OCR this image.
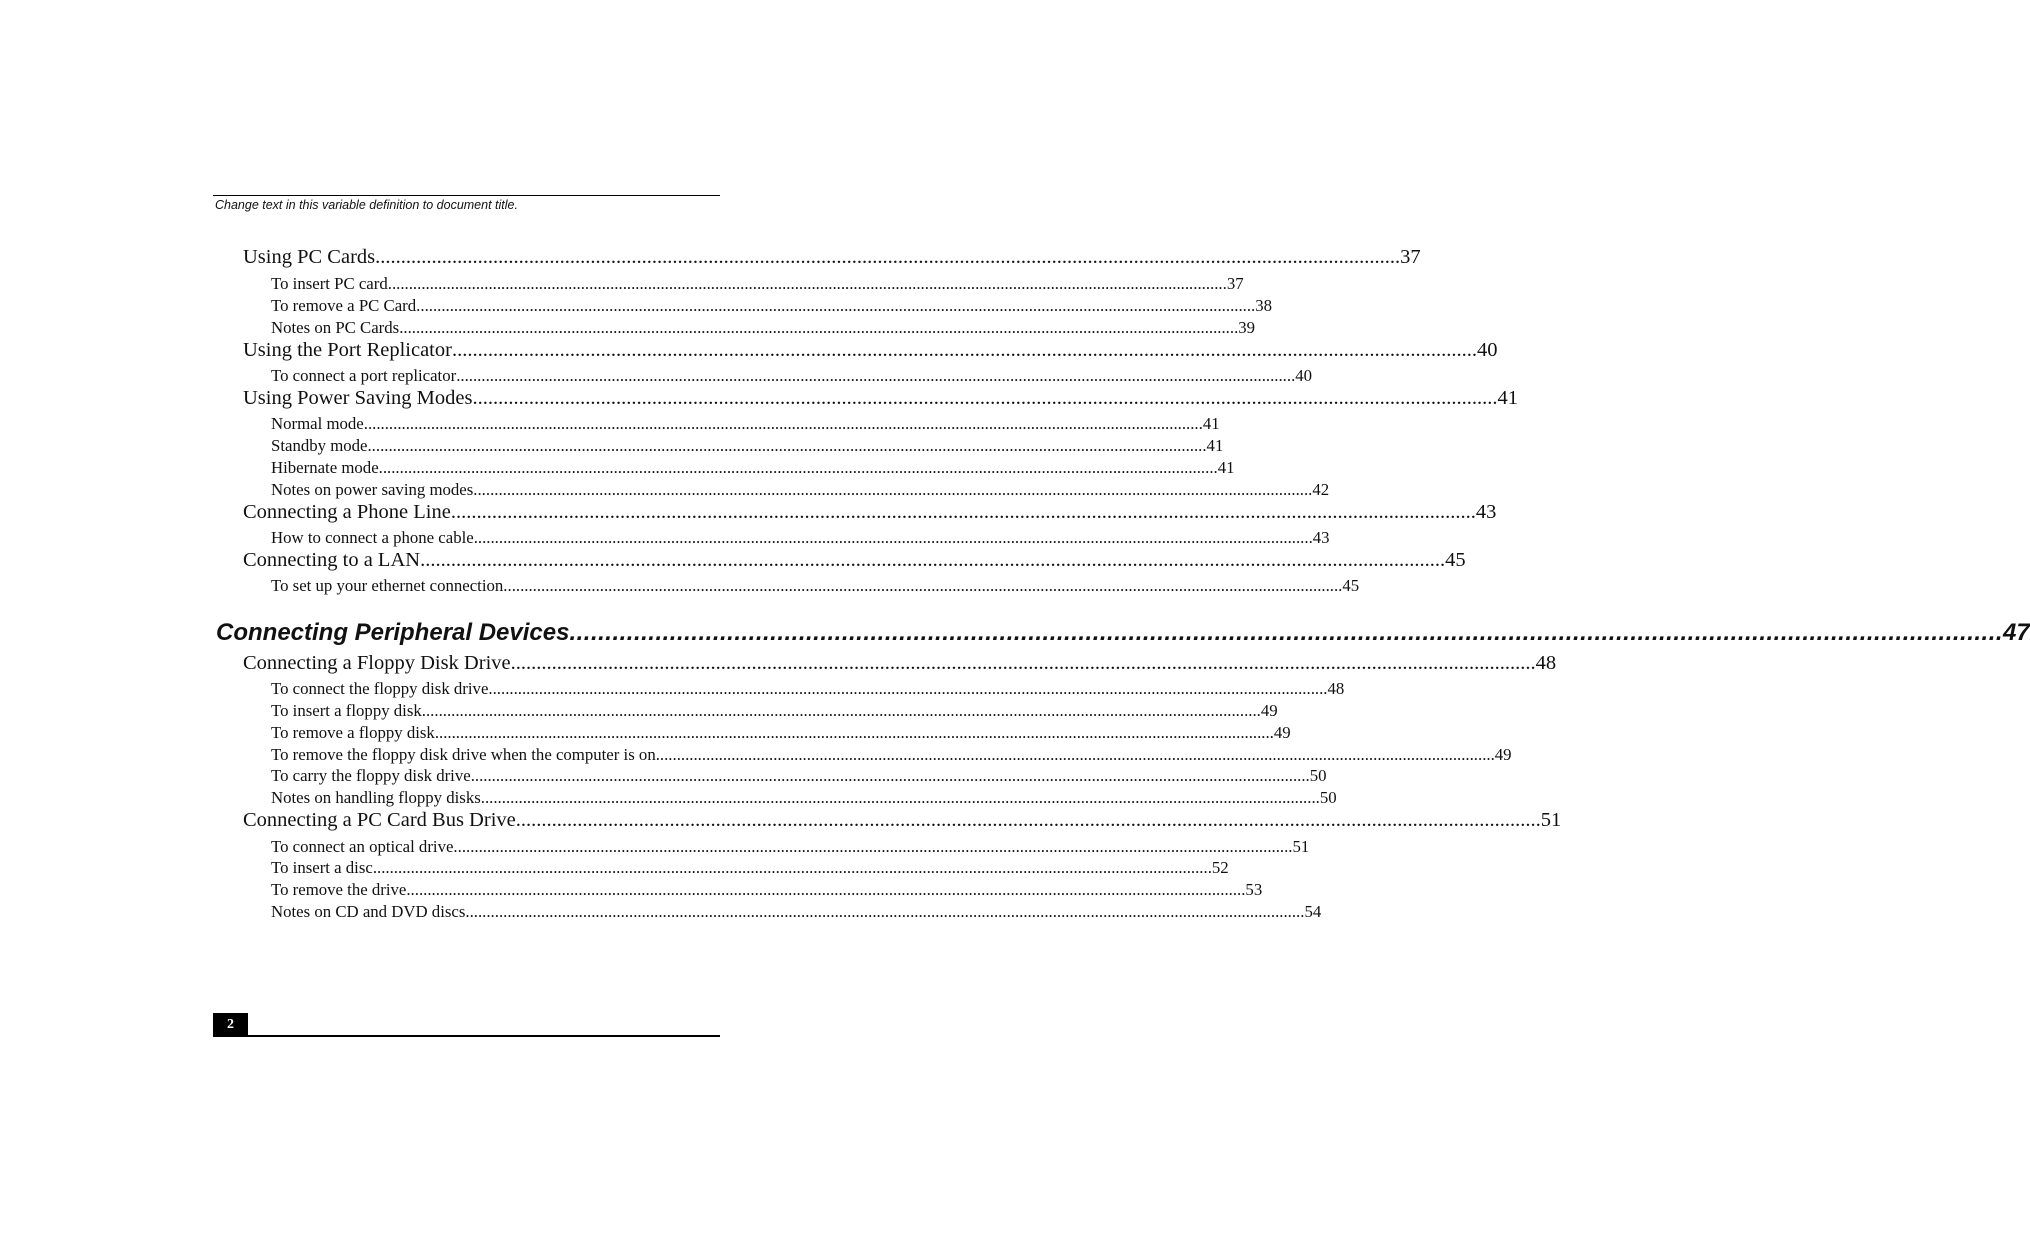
Change text in this variable definition to document title.
Using PC Cards ........................................................................................................................................................................................................ 37
To insert PC card ........................................................................................................................................................................................................ 37
To remove a PC Card ........................................................................................................................................................................................................ 38
Notes on PC Cards ........................................................................................................................................................................................................ 39
Using the Port Replicator ........................................................................................................................................................................................................ 40
To connect a port replicator ........................................................................................................................................................................................................ 40
Using Power Saving Modes ........................................................................................................................................................................................................ 41
Normal mode ........................................................................................................................................................................................................ 41
Standby mode ........................................................................................................................................................................................................ 41
Hibernate mode ........................................................................................................................................................................................................ 41
Notes on power saving modes ........................................................................................................................................................................................................ 42
Connecting a Phone Line ........................................................................................................................................................................................................ 43
How to connect a phone cable ........................................................................................................................................................................................................ 43
Connecting to a LAN ........................................................................................................................................................................................................ 45
To set up your ethernet connection ........................................................................................................................................................................................................ 45
Connecting Peripheral Devices ........................................................................................................................................................................................................ 47
Connecting a Floppy Disk Drive ........................................................................................................................................................................................................ 48
To connect the floppy disk drive ........................................................................................................................................................................................................ 48
To insert a floppy disk ........................................................................................................................................................................................................ 49
To remove a floppy disk ........................................................................................................................................................................................................ 49
To remove the floppy disk drive when the computer is on ........................................................................................................................................................................................................ 49
To carry the floppy disk drive ........................................................................................................................................................................................................ 50
Notes on handling floppy disks ........................................................................................................................................................................................................ 50
Connecting a PC Card Bus Drive ........................................................................................................................................................................................................ 51
To connect an optical drive ........................................................................................................................................................................................................ 51
To insert a disc ........................................................................................................................................................................................................ 52
To remove the drive ........................................................................................................................................................................................................ 53
Notes on CD and DVD discs ........................................................................................................................................................................................................ 54
2
